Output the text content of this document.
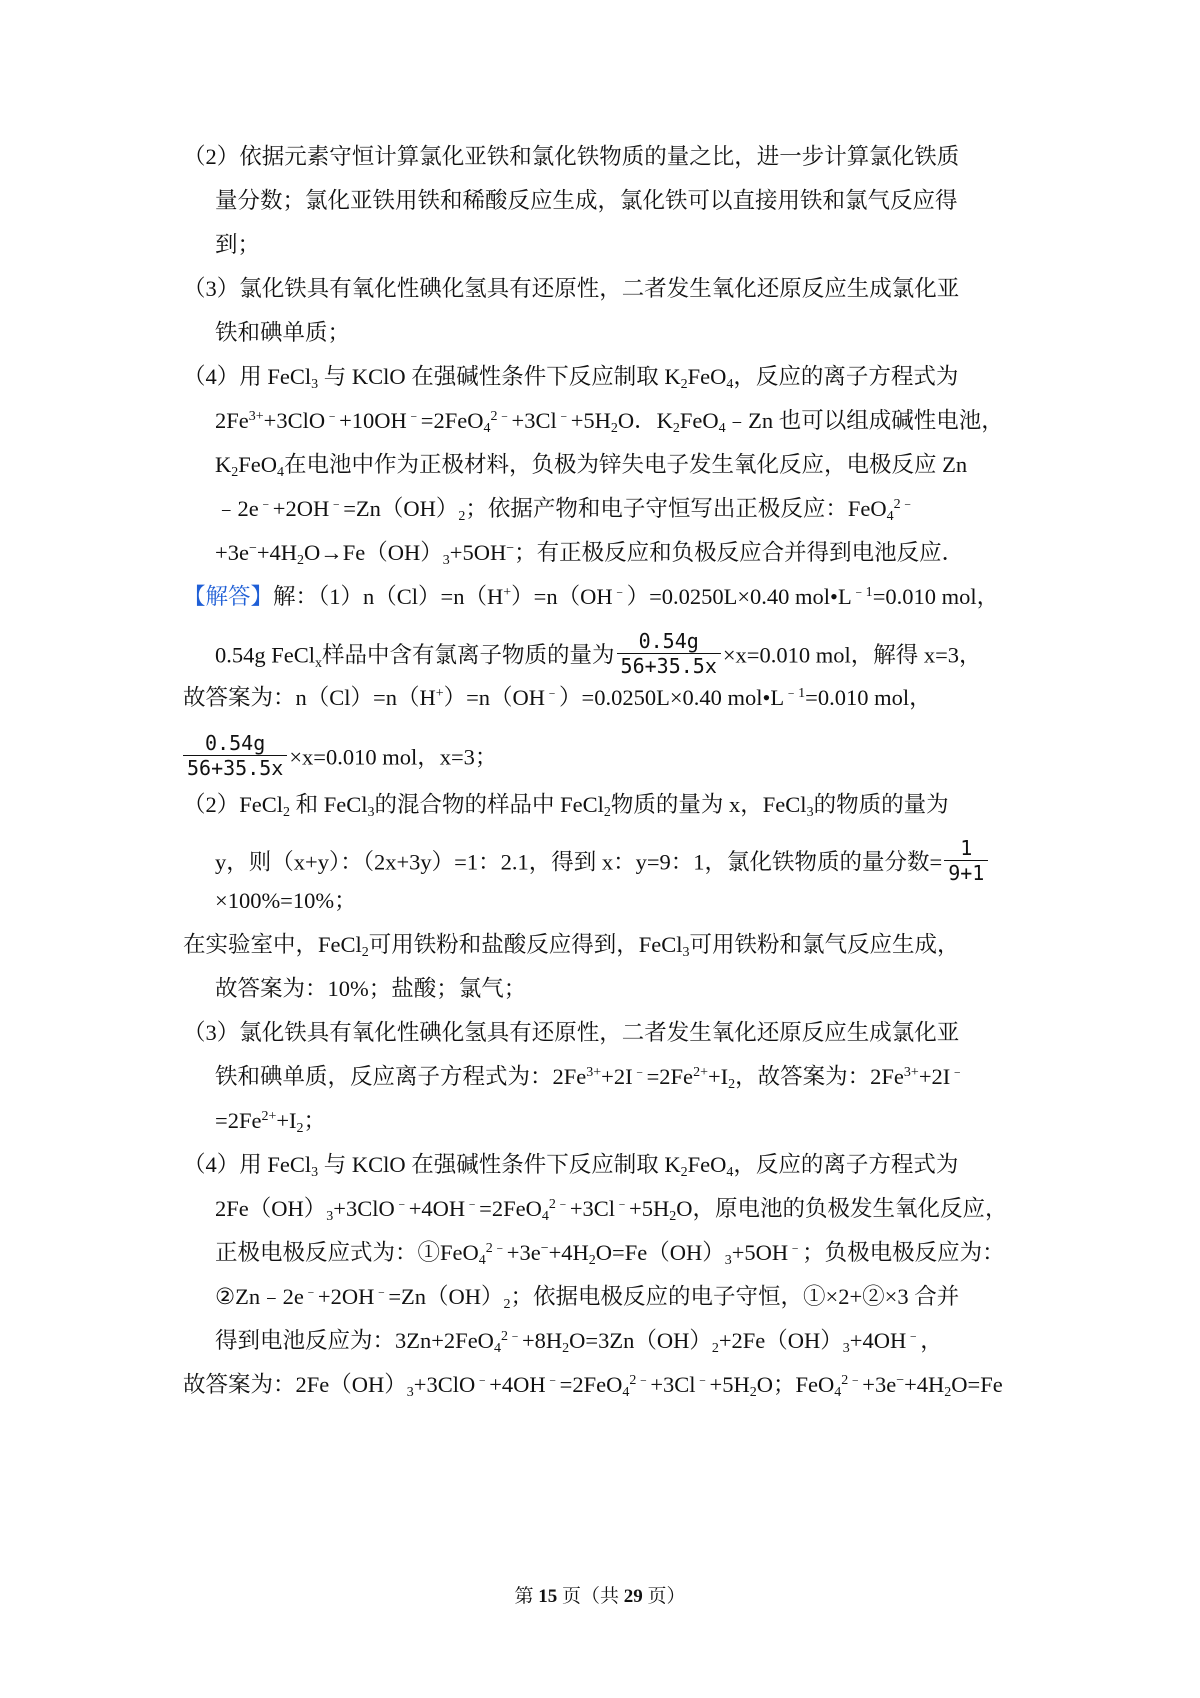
（2）依据元素守恒计算氯化亚铁和氯化铁物质的量之比，进一步计算氯化铁质
量分数；氯化亚铁用铁和稀酸反应生成，氯化铁可以直接用铁和氯气反应得
到；
（3）氯化铁具有氧化性碘化氢具有还原性，二者发生氧化还原反应生成氯化亚
铁和碘单质；
（4）用 FeCl$_3$ 与 KClO 在强碱性条件下反应制取 $K_2FeO_4$，反应的离子方程式为
$2Fe^{3+}+3ClO^﹣+10OH^﹣=2FeO_4^{2﹣}+3Cl^﹣+5H_2O$．$K_2FeO_4﹣Zn$ 也可以组成碱性电池，
$K_2FeO_4$在电池中作为正极材料，负极为锌失电子发生氧化反应，电极反应 Zn
$﹣2e^﹣+2OH^﹣=Zn(OH)_2$；依据产物和电子守恒写出正极反应：FeO$_4^{2﹣}$
$+3e^-+4H_2O\to Fe(OH)_3+5OH^-$；有正极反应和负极反应合并得到电池反应．
【解答】解：（1）n（Cl）=n（H+）=n（OH﹣）=0.0250L×0.40 $mol•L^{﹣1}=0.010$ mol，
0.54g FeCl$_x$样品中含有氯离子物质的量为 $\frac{0.54g}{56+35.5x} \times x=0.010$ mol，解得 x=3，
故答案为：n（Cl）=n（H+）=n（OH﹣）=0.0250L×0.40 $mol•L^{﹣1}=0.010$ mol，
$\frac{0.54g}{56+35.5x} \times x=0.010$ mol，x=3；
（2）FeCl$_2$ 和 FeCl$_3$的混合物的样品中 FeCl$_2$物质的量为 x，FeCl$_3$的物质的量为
y，则（x+y）：（2x+3y）=1：2.1，得到 x：y=9：1，氯化铁物质的量分数= $\frac{1}{9+1}$
×100%=10%；
在实验室中，FeCl$_2$可用铁粉和盐酸反应得到，FeCl$_3$可用铁粉和氯气反应生成，
故答案为：10%；盐酸；氯气；
（3）氯化铁具有氧化性碘化氢具有还原性，二者发生氧化还原反应生成氯化亚
铁和碘单质，反应离子方程式为：$2Fe^{3+}+2I^﹣=2Fe^{2+}+I_2$，故答案为：$2Fe^{3+}+2I^﹣$
$=2Fe^{2+}+I_2$；
（4）用 FeCl$_3$ 与 KClO 在强碱性条件下反应制取 $K_2FeO_4$，反应的离子方程式为
$2Fe(OH)_3+3ClO^﹣+4OH^﹣=2FeO_4^{2﹣}+3Cl^﹣+5H_2O$，原电池的负极发生氧化反应，
正极电极反应式为：$①FeO_4^{2﹣}+3e^-+4H_2O=Fe(OH)_3+5OH^﹣$；负极电极反应为：
$②Zn﹣2e^﹣+2OH^﹣=Zn(OH)_2$；依据电极反应的电子守恒，①×2+②×3 合并
得到电池反应为：$3Zn+2FeO_4^{2﹣}+8H_2O=3Zn(OH)_2+2Fe(OH)_3+4OH^﹣$，
故答案为：$2Fe(OH)_3+3ClO^﹣+4OH^﹣=2FeO_4^{2﹣}+3Cl^﹣+5H_2O$；$FeO_4^{2﹣}+3e^-+4H_2O=Fe$
第 15 页（共 29 页）
